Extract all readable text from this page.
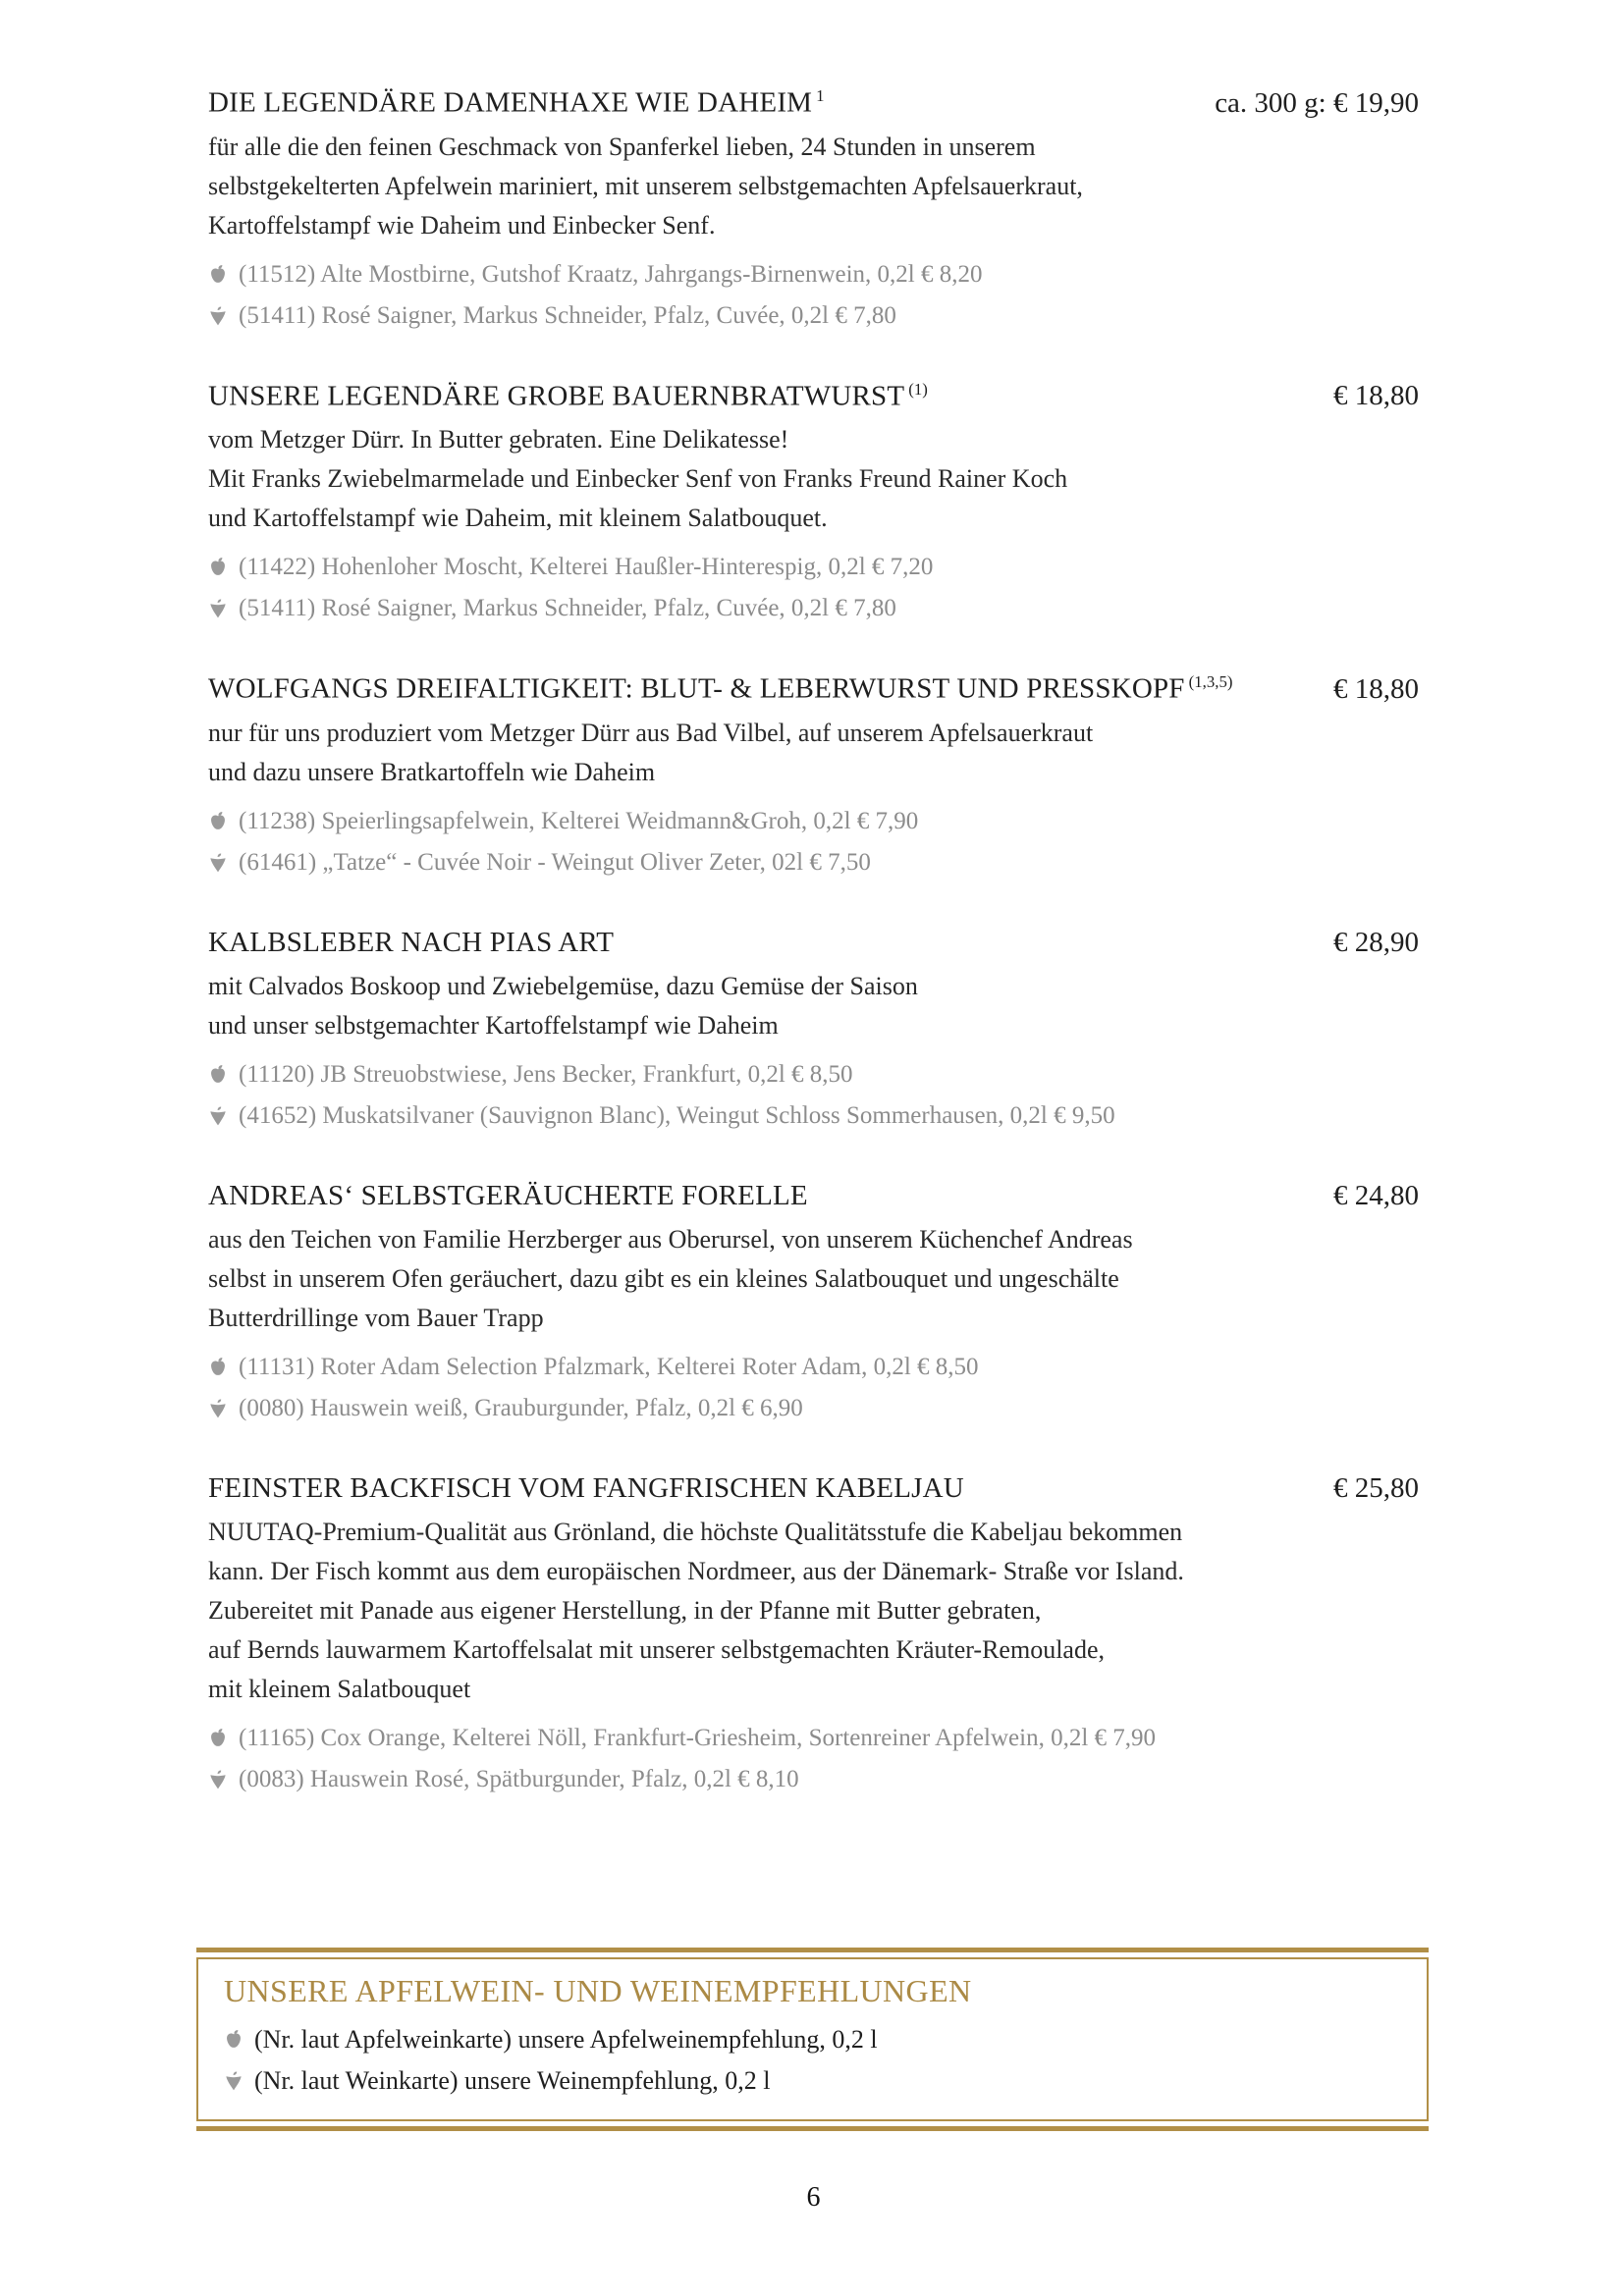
DIE LEGENDÄRE DAMENHAXE WIE DAHEIM $^1$	ca. 300 g: € 19,90
für alle die den feinen Geschmack von Spanferkel lieben, 24 Stunden in unserem
selbstgekelterten Apfelwein mariniert, mit unserem selbstgemachten Apfelsauerkraut,
Kartoffelstampf wie Daheim und Einbecker Senf.
(11512) Alte Mostbirne, Gutshof Kraatz, Jahrgangs-Birnenwein, 0,2l € 8,20
(51411) Rosé Saigner, Markus Schneider, Pfalz, Cuvée, 0,2l € 7,80
UNSERE LEGENDÄRE GROBE BAUERNBRATWURST $^{(1)}$	€ 18,80
vom Metzger Dürr. In Butter gebraten. Eine Delikatesse!
Mit Franks Zwiebelmarmelade und Einbecker Senf von Franks Freund Rainer Koch
und Kartoffelstampf wie Daheim, mit kleinem Salatbouquet.
(11422) Hohenloher Moscht, Kelterei Haußler-Hinterespig, 0,2l € 7,20
(51411) Rosé Saigner, Markus Schneider, Pfalz, Cuvée, 0,2l € 7,80
WOLFGANGS DREIFALTIGKEIT: BLUT- & LEBERWURST UND PRESSKOPF $^{(1,3,5)}$	€ 18,80
nur für uns produziert vom Metzger Dürr aus Bad Vilbel, auf unserem Apfelsauerkraut
und dazu unsere Bratkartoffeln wie Daheim
(11238) Speierlingsapfelwein, Kelterei Weidmann&Groh, 0,2l € 7,90
(61461) „Tatze“ - Cuvée Noir - Weingut Oliver Zeter, 02l € 7,50
KALBSLEBER NACH PIAS ART	€ 28,90
mit Calvados Boskoop und Zwiebelgemüse, dazu Gemüse der Saison
und unser selbstgemachter Kartoffelstampf wie Daheim
(11120) JB Streuobstwiese, Jens Becker, Frankfurt, 0,2l € 8,50
(41652) Muskatsilvaner (Sauvignon Blanc), Weingut Schloss Sommerhausen, 0,2l € 9,50
ANDREAS‘ SELBSTGERÄUCHERTE FORELLE	€ 24,80
aus den Teichen von Familie Herzberger aus Oberursel, von unserem Küchenchef Andreas
selbst in unserem Ofen geräuchert, dazu gibt es ein kleines Salatbouquet und ungeschälte
Butterdrillinge vom Bauer Trapp
(11131) Roter Adam Selection Pfalzmark, Kelterei Roter Adam, 0,2l € 8,50
(0080) Hauswein weiß, Grauburgunder, Pfalz, 0,2l € 6,90
FEINSTER BACKFISCH VOM FANGFRISCHEN KABELJAU	€ 25,80
NUUTAQ-Premium-Qualität aus Grönland, die höchste Qualitätsstufe die Kabeljau bekommen
kann. Der Fisch kommt aus dem europäischen Nordmeer, aus der Dänemark- Straße vor Island.
Zubereitet mit Panade aus eigener Herstellung, in der Pfanne mit Butter gebraten,
auf Bernds lauwarmem Kartoffelsalat mit unserer selbstgemachten Kräuter-Remoulade,
mit kleinem Salatbouquet
(11165) Cox Orange, Kelterei Nöll, Frankfurt-Griesheim, Sortenreiner Apfelwein, 0,2l € 7,90
(0083) Hauswein Rosé, Spätburgunder, Pfalz, 0,2l € 8,10
UNSERE APFELWEIN- UND WEINEMPFEHLUNGEN
(Nr. laut Apfelweinkarte) unsere Apfelweinempfehlung, 0,2 l
(Nr. laut Weinkarte) unsere Weinempfehlung, 0,2 l
6
